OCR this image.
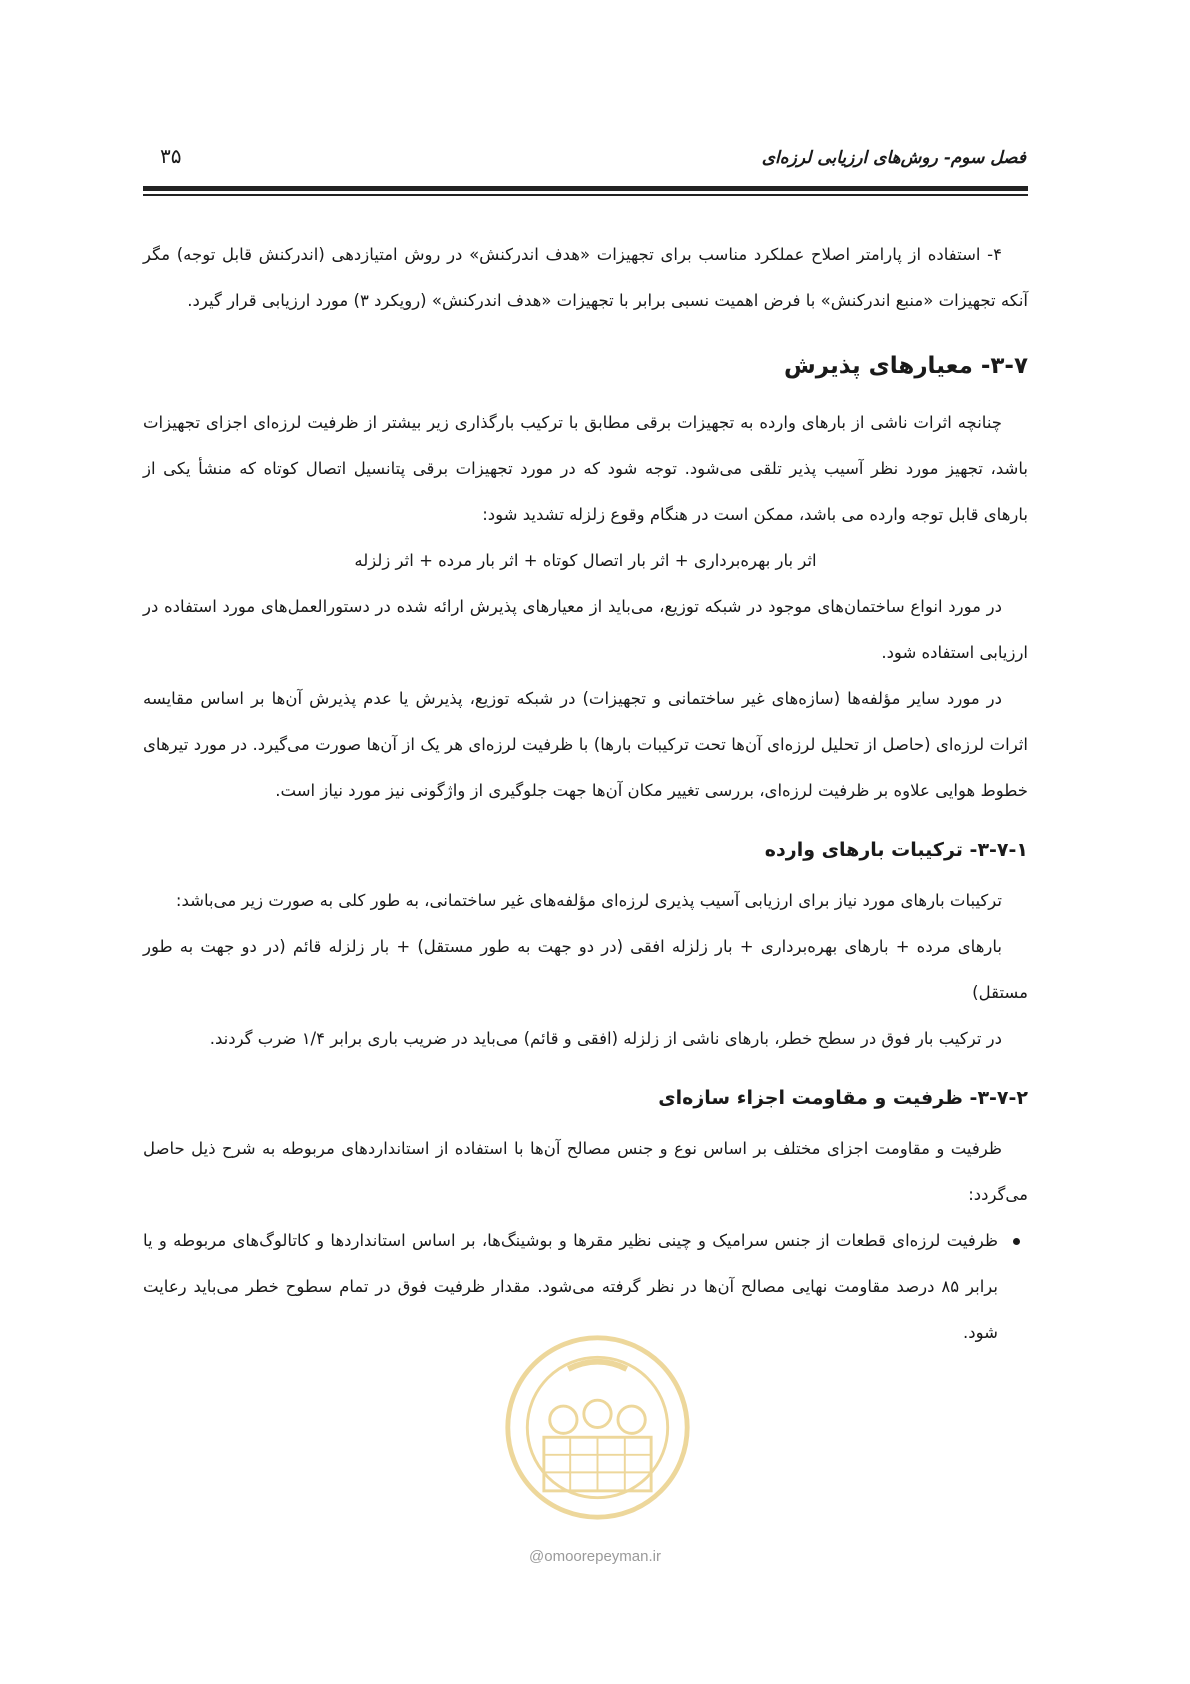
فصل سوم- روش‌های ارزیابی لرزه‌ای
۳۵

۴- استفاده از پارامتر اصلاح عملکرد مناسب برای تجهیزات «هدف اندرکنش» در روش امتیازدهی (اندرکنش قابل توجه) مگر آنکه تجهیزات «منبع اندرکنش» با فرض اهمیت نسبی برابر با تجهیزات «هدف اندرکنش» (رویکرد ۳) مورد ارزیابی قرار گیرد.

۳-۷- معیارهای پذیرش

چنانچه اثرات ناشی از بارهای وارده به تجهیزات برقی مطابق با ترکیب بارگذاری زیر بیشتر از ظرفیت لرزه‌ای اجزای تجهیزات باشد، تجهیز مورد نظر آسیب پذیر تلقی می‌شود. توجه شود که در مورد تجهیزات برقی پتانسیل اتصال کوتاه که منشأ یکی از بارهای قابل توجه وارده می باشد، ممکن است در هنگام وقوع زلزله تشدید شود:

اثر بار بهره‌برداری + اثر بار اتصال کوتاه + اثر بار مرده + اثر زلزله

در مورد انواع ساختمان‌های موجود در شبکه توزیع، می‌باید از معیارهای پذیرش ارائه شده در دستورالعمل‌های مورد استفاده در ارزیابی استفاده شود.

در مورد سایر مؤلفه‌ها (سازه‌های غیر ساختمانی و تجهیزات) در شبکه توزیع، پذیرش یا عدم پذیرش آن‌ها بر اساس مقایسه اثرات لرزه‌ای (حاصل از تحلیل لرزه‌ای آن‌ها تحت ترکیبات بارها) با ظرفیت لرزه‌ای هر یک از آن‌ها صورت می‌گیرد. در مورد تیرهای خطوط هوایی علاوه بر ظرفیت لرزه‌ای، بررسی تغییر مکان آن‌ها جهت جلوگیری از واژگونی نیز مورد نیاز است.

۳-۷-۱- ترکیبات بارهای وارده

ترکیبات بارهای مورد نیاز برای ارزیابی آسیب پذیری لرزه‌ای مؤلفه‌های غیر ساختمانی، به طور کلی به صورت زیر می‌باشد:

بارهای مرده + بارهای بهره‌برداری + بار زلزله افقی (در دو جهت به طور مستقل) + بار زلزله قائم (در دو جهت به طور مستقل)

در ترکیب بار فوق در سطح خطر، بارهای ناشی از زلزله (افقی و قائم) می‌باید در ضریب باری برابر ۱/۴ ضرب گردند.

۳-۷-۲- ظرفیت و مقاومت اجزاء سازه‌ای

ظرفیت و مقاومت اجزای مختلف بر اساس نوع و جنس مصالح آن‌ها با استفاده از استانداردهای مربوطه به شرح ذیل حاصل می‌گردد:

ظرفیت لرزه‌ای قطعات از جنس سرامیک و چینی نظیر مقرها و بوشینگ‌ها، بر اساس استانداردها و کاتالوگ‌های مربوطه و یا برابر ۸۵ درصد مقاومت نهایی مصالح آن‌ها در نظر گرفته می‌شود. مقدار ظرفیت فوق در تمام سطوح خطر می‌باید رعایت شود.
@omoorepeyman.ir
